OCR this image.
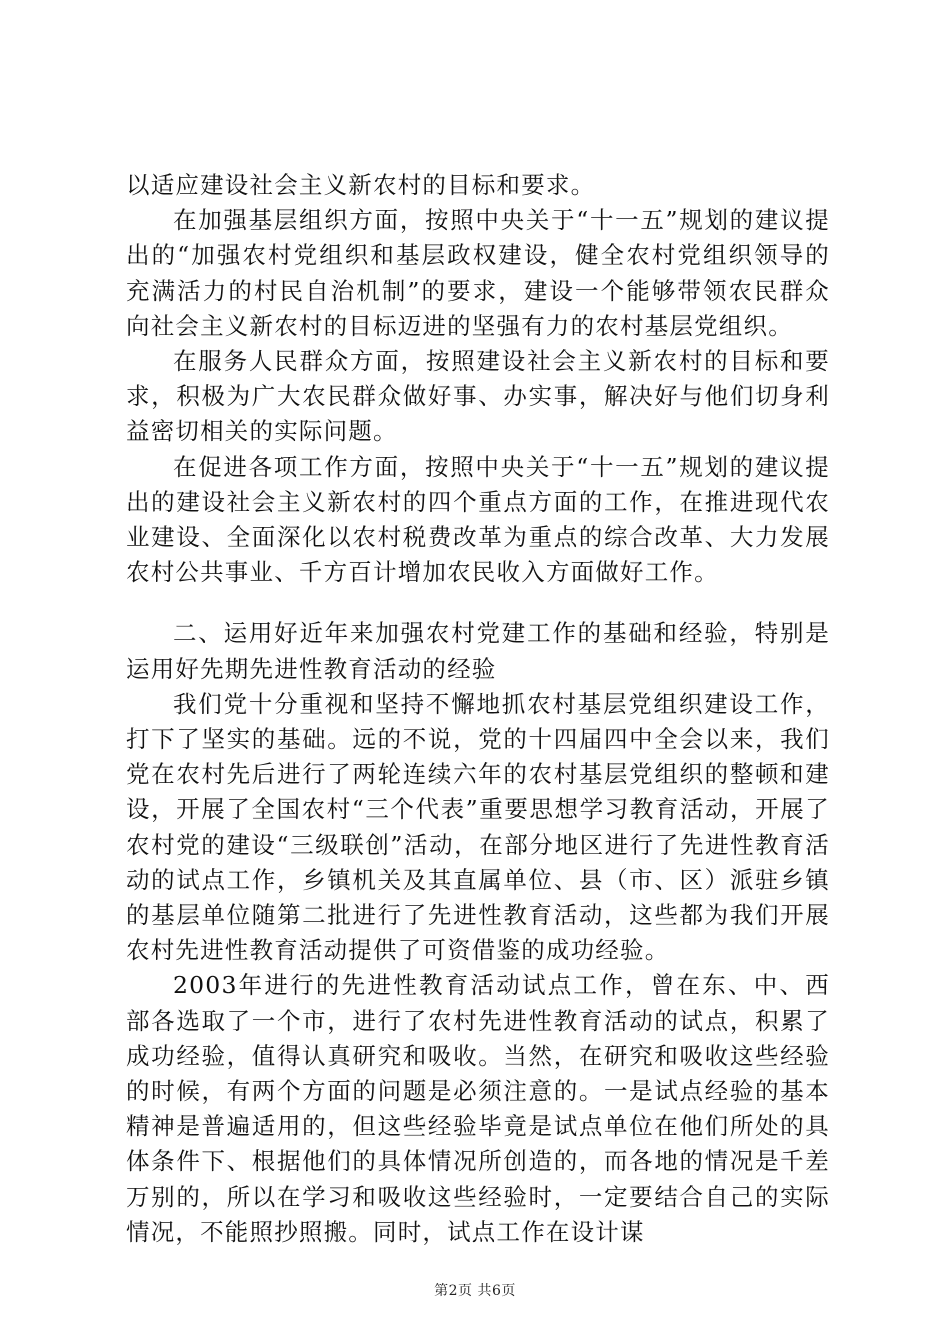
以适应建设社会主义新农村的目标和要求。

在加强基层组织方面，按照中央关于“十一五”规划的建议提出的“加强农村党组织和基层政权建设，健全农村党组织领导的充满活力的村民自治机制”的要求，建设一个能够带领农民群众向社会主义新农村的目标迈进的坚强有力的农村基层党组织。

在服务人民群众方面，按照建设社会主义新农村的目标和要求，积极为广大农民群众做好事、办实事，解决好与他们切身利益密切相关的实际问题。

在促进各项工作方面，按照中央关于“十一五”规划的建议提出的建设社会主义新农村的四个重点方面的工作，在推进现代农业建设、全面深化以农村税费改革为重点的综合改革、大力发展农村公共事业、千方百计增加农民收入方面做好工作。

二、运用好近年来加强农村党建工作的基础和经验，特别是运用好先期先进性教育活动的经验

我们党十分重视和坚持不懈地抓农村基层党组织建设工作，打下了坚实的基础。远的不说，党的十四届四中全会以来，我们党在农村先后进行了两轮连续六年的农村基层党组织的整顿和建设，开展了全国农村“三个代表”重要思想学习教育活动，开展了农村党的建设“三级联创”活动，在部分地区进行了先进性教育活动的试点工作，乡镇机关及其直属单位、县（市、区）派驻乡镇的基层单位随第二批进行了先进性教育活动，这些都为我们开展农村先进性教育活动提供了可资借鉴的成功经验。

2003年进行的先进性教育活动试点工作，曾在东、中、西部各选取了一个市，进行了农村先进性教育活动的试点，积累了成功经验，值得认真研究和吸收。当然，在研究和吸收这些经验的时候，有两个方面的问题是必须注意的。一是试点经验的基本精神是普遍适用的，但这些经验毕竟是试点单位在他们所处的具体条件下、根据他们的具体情况所创造的，而各地的情况是千差万别的，所以在学习和吸收这些经验时，一定要结合自己的实际情况，不能照抄照搬。同时，试点工作在设计谋

第2页 共6页
